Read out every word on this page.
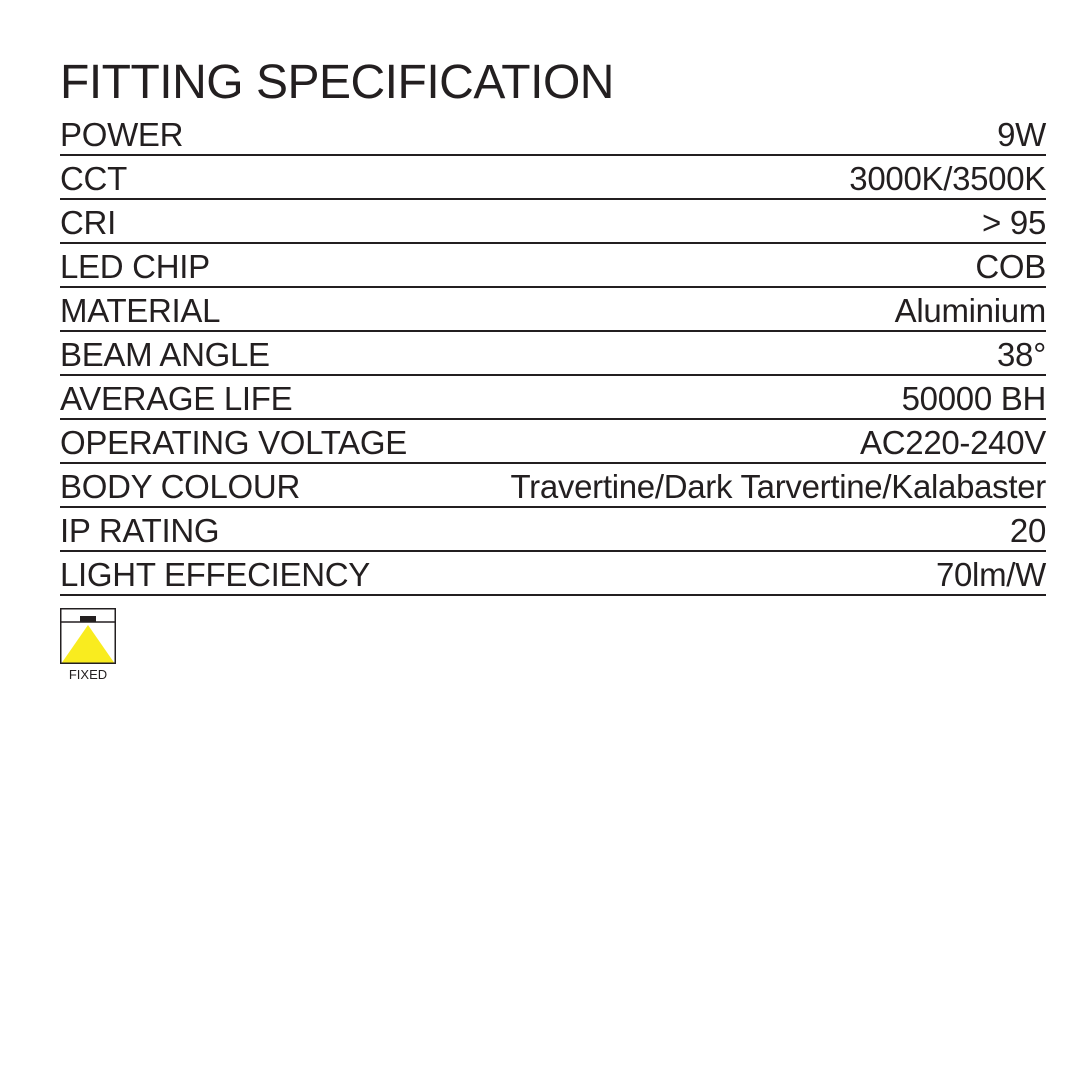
FITTING SPECIFICATION
POWER	9W
CCT	3000K/3500K
CRI	> 95
LED CHIP	COB
MATERIAL	Aluminium
BEAM ANGLE	38°
AVERAGE LIFE	50000 BH
OPERATING VOLTAGE	AC220-240V
BODY COLOUR	Travertine/Dark Tarvertine/Kalabaster
IP RATING	20
LIGHT EFFECIENCY	70lm/W
FIXED
